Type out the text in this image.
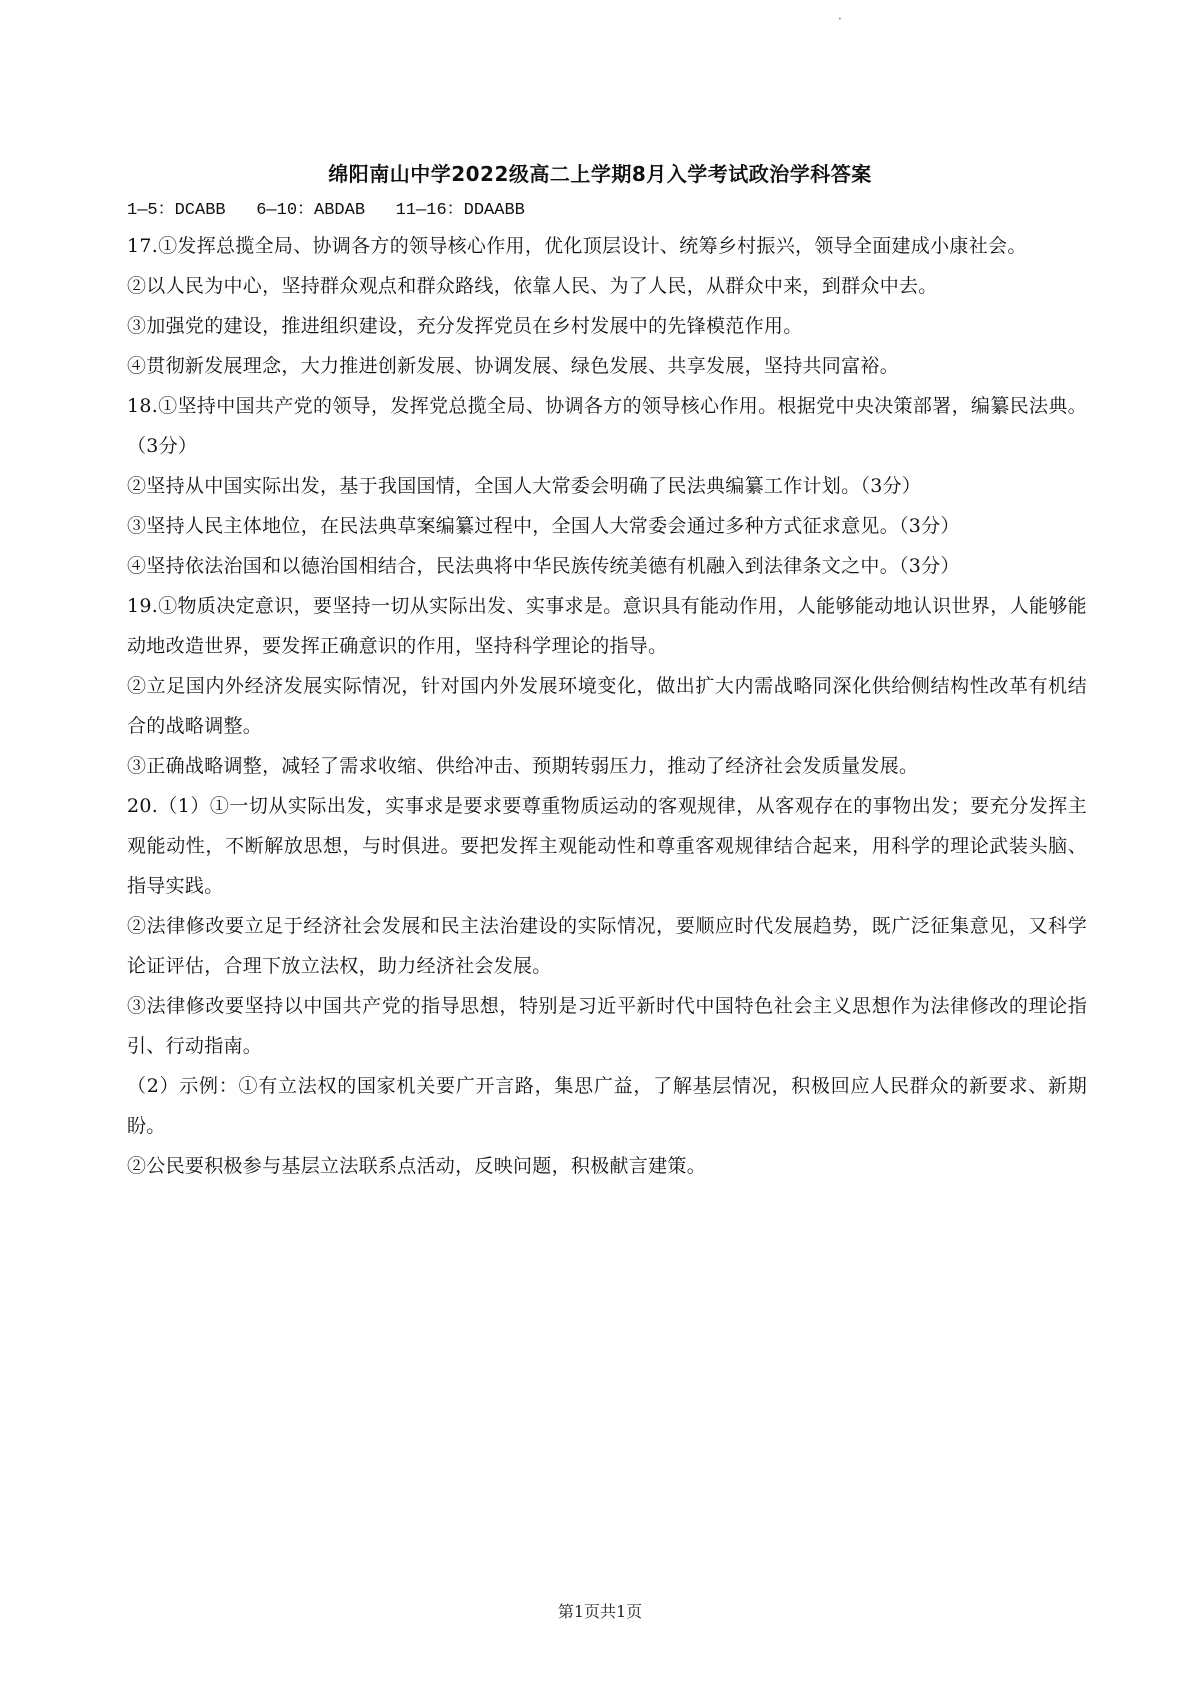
·
绵阳南山中学2022级高二上学期8月入学考试政治学科答案
1—5：DCABB   6—10：ABDAB   11—16：DDAABB

17.①发挥总揽全局、协调各方的领导核心作用，优化顶层设计、统筹乡村振兴，领导全面建成小康社会。

②以人民为中心，坚持群众观点和群众路线，依靠人民、为了人民，从群众中来，到群众中去。

③加强党的建设，推进组织建设，充分发挥党员在乡村发展中的先锋模范作用。

④贯彻新发展理念，大力推进创新发展、协调发展、绿色发展、共享发展，坚持共同富裕。

18.①坚持中国共产党的领导，发挥党总揽全局、协调各方的领导核心作用。根据党中央决策部署，编纂民法典。（3分）

②坚持从中国实际出发，基于我国国情，全国人大常委会明确了民法典编纂工作计划。（3分）

③坚持人民主体地位，在民法典草案编纂过程中，全国人大常委会通过多种方式征求意见。（3分）

④坚持依法治国和以德治国相结合，民法典将中华民族传统美德有机融入到法律条文之中。（3分）

19.①物质决定意识，要坚持一切从实际出发、实事求是。意识具有能动作用，人能够能动地认识世界，人能够能动地改造世界，要发挥正确意识的作用，坚持科学理论的指导。

②立足国内外经济发展实际情况，针对国内外发展环境变化，做出扩大内需战略同深化供给侧结构性改革有机结合的战略调整。

③正确战略调整，减轻了需求收缩、供给冲击、预期转弱压力，推动了经济社会发质量发展。

20.（1）①一切从实际出发，实事求是要求要尊重物质运动的客观规律，从客观存在的事物出发；要充分发挥主观能动性，不断解放思想，与时俱进。要把发挥主观能动性和尊重客观规律结合起来，用科学的理论武装头脑、指导实践。

②法律修改要立足于经济社会发展和民主法治建设的实际情况，要顺应时代发展趋势，既广泛征集意见，又科学论证评估，合理下放立法权，助力经济社会发展。

③法律修改要坚持以中国共产党的指导思想，特别是习近平新时代中国特色社会主义思想作为法律修改的理论指引、行动指南。

（2）示例：①有立法权的国家机关要广开言路，集思广益，了解基层情况，积极回应人民群众的新要求、新期盼。

②公民要积极参与基层立法联系点活动，反映问题，积极献言建策。

第1页共1页
